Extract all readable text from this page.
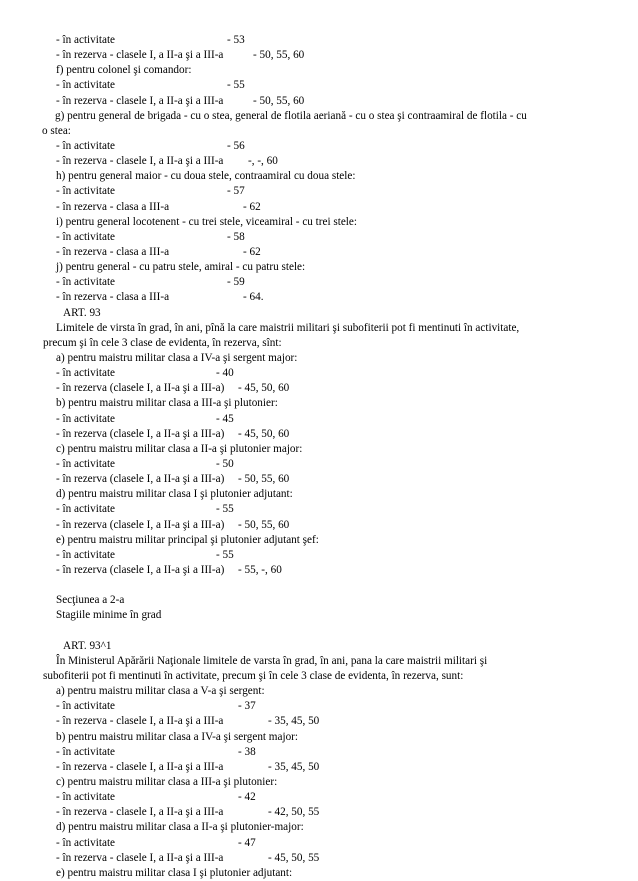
- în activitate	- 53
- în rezerva - clasele I, a II-a şi a III-a	- 50, 55, 60
f) pentru colonel şi comandor:
- în activitate	- 55
- în rezerva - clasele I, a II-a şi a III-a	- 50, 55, 60
g) pentru general de brigada - cu o stea, general de flotila aeriană - cu o stea şi contraamiral de flotila - cu
o stea:
- în activitate	- 56
- în rezerva - clasele I, a II-a şi a III-a -, -, 60
h) pentru general maior - cu doua stele, contraamiral cu doua stele:
- în activitate	- 57
- în rezerva - clasa a III-a	- 62
i) pentru general locotenent - cu trei stele, viceamiral - cu trei stele:
- în activitate	- 58
- în rezerva - clasa a III-a	- 62
j) pentru general - cu patru stele, amiral - cu patru stele:
- în activitate	- 59
- în rezerva - clasa a III-a	- 64.
ART. 93
Limitele de virsta în grad, în ani, pînă la care maistrii militari şi subofiterii pot fi mentinuti în activitate,
precum şi în cele 3 clase de evidenta, în rezerva, sînt:
a) pentru maistru militar clasa a IV-a şi sergent major:
- în activitate	- 40
- în rezerva (clasele I, a II-a şi a III-a) - 45, 50, 60
b) pentru maistru militar clasa a III-a şi plutonier:
- în activitate	- 45
- în rezerva (clasele I, a II-a şi a III-a) - 45, 50, 60
c) pentru maistru militar clasa a II-a şi plutonier major:
- în activitate	- 50
- în rezerva (clasele I, a II-a şi a III-a) - 50, 55, 60
d) pentru maistru militar clasa I şi plutonier adjutant:
- în activitate	- 55
- în rezerva (clasele I, a II-a şi a III-a) - 50, 55, 60
e) pentru maistru militar principal şi plutonier adjutant şef:
- în activitate	- 55
- în rezerva (clasele I, a II-a şi a III-a) - 55, -, 60
Secţiunea a 2-a
Stagiile minime în grad
ART. 93^1
În Ministerul Apărării Naţionale limitele de varsta în grad, în ani, pana la care maistrii militari şi
subofiterii pot fi mentinuti în activitate, precum şi în cele 3 clase de evidenta, în rezerva, sunt:
a) pentru maistru militar clasa a V-a şi sergent:
- în activitate	- 37
- în rezerva - clasele I, a II-a şi a III-a	- 35, 45, 50
b) pentru maistru militar clasa a IV-a şi sergent major:
- în activitate	- 38
- în rezerva - clasele I, a II-a şi a III-a	- 35, 45, 50
c) pentru maistru militar clasa a III-a şi plutonier:
- în activitate	- 42
- în rezerva - clasele I, a II-a şi a III-a	- 42, 50, 55
d) pentru maistru militar clasa a II-a şi plutonier-major:
- în activitate	- 47
- în rezerva - clasele I, a II-a şi a III-a	- 45, 50, 55
e) pentru maistru militar clasa I şi plutonier adjutant:
